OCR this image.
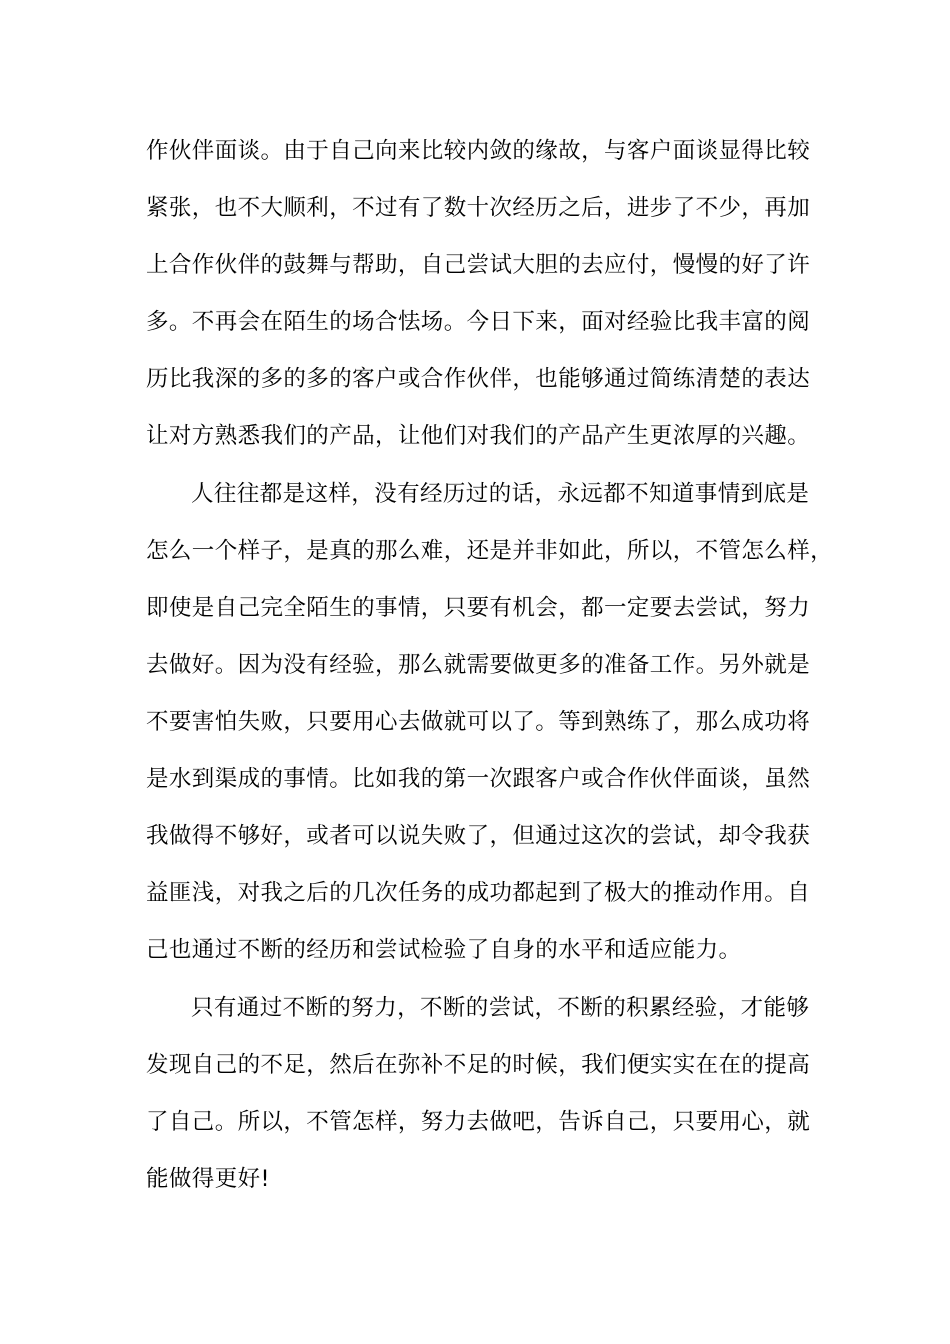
作伙伴面谈。由于自己向来比较内敛的缘故，与客户面谈显得比较
紧张，也不大顺利，不过有了数十次经历之后，进步了不少，再加
上合作伙伴的鼓舞与帮助，自己尝试大胆的去应付，慢慢的好了许
多。不再会在陌生的场合怯场。今日下来，面对经验比我丰富的阅
历比我深的多的多的客户或合作伙伴，也能够通过简练清楚的表达
让对方熟悉我们的产品，让他们对我们的产品产生更浓厚的兴趣。
人往往都是这样，没有经历过的话，永远都不知道事情到底是
怎么一个样子，是真的那么难，还是并非如此，所以，不管怎么样，
即使是自己完全陌生的事情，只要有机会，都一定要去尝试，努力
去做好。因为没有经验，那么就需要做更多的准备工作。另外就是
不要害怕失败，只要用心去做就可以了。等到熟练了，那么成功将
是水到渠成的事情。比如我的第一次跟客户或合作伙伴面谈，虽然
我做得不够好，或者可以说失败了，但通过这次的尝试，却令我获
益匪浅，对我之后的几次任务的成功都起到了极大的推动作用。自
己也通过不断的经历和尝试检验了自身的水平和适应能力。
只有通过不断的努力，不断的尝试，不断的积累经验，才能够
发现自己的不足，然后在弥补不足的时候，我们便实实在在的提高
了自己。所以，不管怎样，努力去做吧，告诉自己，只要用心，就
能做得更好!
